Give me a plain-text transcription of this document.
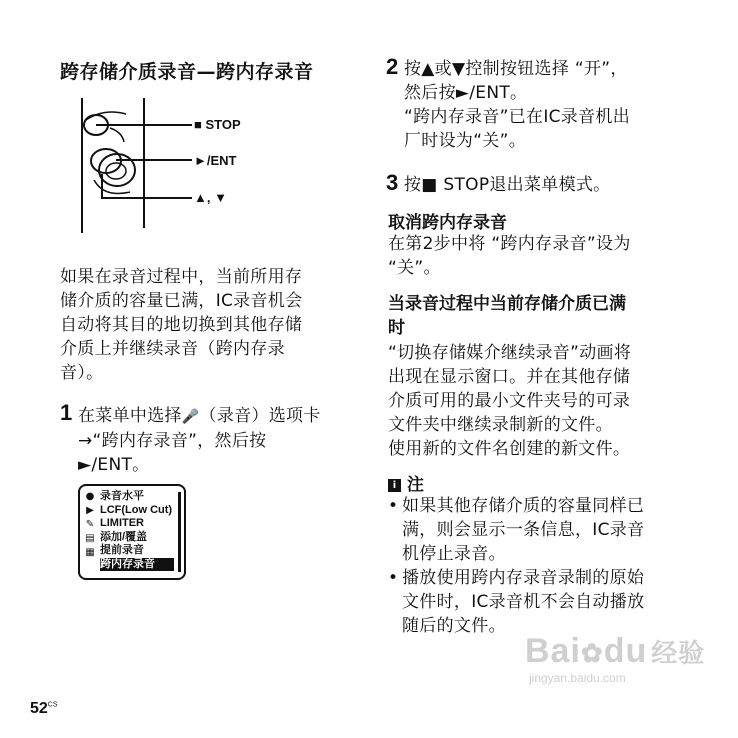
跨存储介质录音—跨内存录音
■ STOP
►/ENT
▲, ▼
如果在录音过程中，当前所用存
储介质的容量已满，IC录音机会
自动将其目的地切换到其他存储
介质上并继续录音（跨内存录
音）。
1 在菜单中选择🎤（录音）选项卡
→“跨内存录音”，然后按
►/ENT。
●
▶
✎
▤
▦
录音水平
LCF(Low Cut)
LIMITER
添加/覆盖
提前录音
跨内存录音
2 按▲或▼控制按钮选择 “开”，
然后按►/ENT。
“跨内存录音”已在IC录音机出
厂时设为“关”。
3 按■ STOP退出菜单模式。
取消跨内存录音
在第2步中将 “跨内存录音”设为
“关”。
当录音过程中当前存储介质已满
时
“切换存储媒介继续录音”动画将
出现在显示窗口。并在其他存储
介质可用的最小文件夹号的可录
文件夹中继续录制新的文件。
使用新的文件名创建的新文件。
i 注
• 如果其他存储介质的容量同样已
满，则会显示一条信息，IC录音
机停止录音。
• 播放使用跨内存录音录制的原始
文件时，IC录音机不会自动播放
随后的文件。
$52^{CS}$
Bai✿du 经验
jingyan.baidu.com
